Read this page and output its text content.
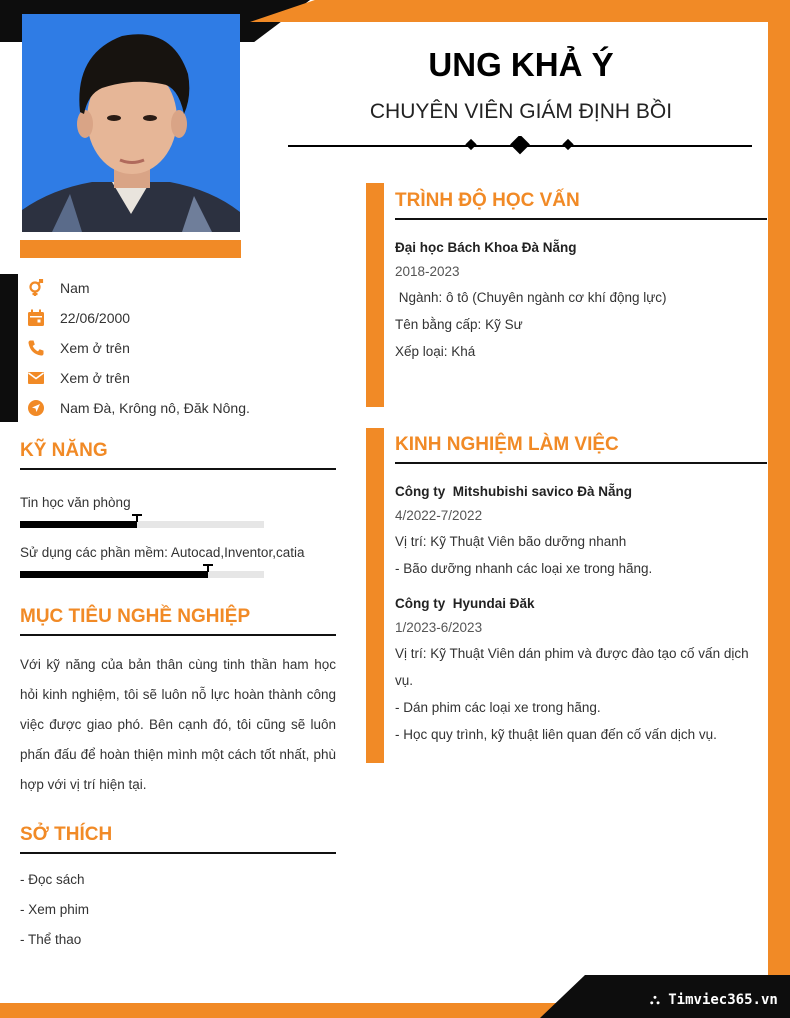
⛬ Timviec365.vn
Nam
22/06/2000
Xem ở trên
Xem ở trên
Nam Đà, Krông nô, Đăk Nông.
KỸ NĂNG
Tin học văn phòng
Sử dụng các phần mềm: Autocad,Inventor,catia
MỤC TIÊU NGHỀ NGHIỆP
Với kỹ năng của bản thân cùng tinh thần ham học hỏi kinh nghiệm, tôi sẽ luôn nỗ lực hoàn thành công việc được giao phó. Bên cạnh đó, tôi cũng sẽ luôn phấn đấu để hoàn thiện mình một cách tốt nhất, phù hợp với vị trí hiện tại.
SỞ THÍCH
- Đọc sách
- Xem phim
- Thể thao
UNG KHẢ Ý
CHUYÊN VIÊN GIÁM ĐỊNH BỒI
TRÌNH ĐỘ HỌC VẤN
Đại học Bách Khoa Đà Nẵng
2018-2023
Ngành: ô tô (Chuyên ngành cơ khí động lực)
Tên bằng cấp: Kỹ Sư
Xếp loại: Khá
KINH NGHIỆM LÀM VIỆC
Công ty  Mitshubishi savico Đà Nẵng
4/2022-7/2022
Vị trí: Kỹ Thuật Viên bão dưỡng nhanh
- Bão dưỡng nhanh các loại xe trong hãng.
Công ty  Hyundai Đăk
1/2023-6/2023
Vị trí: Kỹ Thuật Viên dán phim và được đào tạo cố vấn dịch vụ.
- Dán phim các loại xe trong hãng.
- Học quy trình, kỹ thuật liên quan đến cố vấn dịch vụ.
